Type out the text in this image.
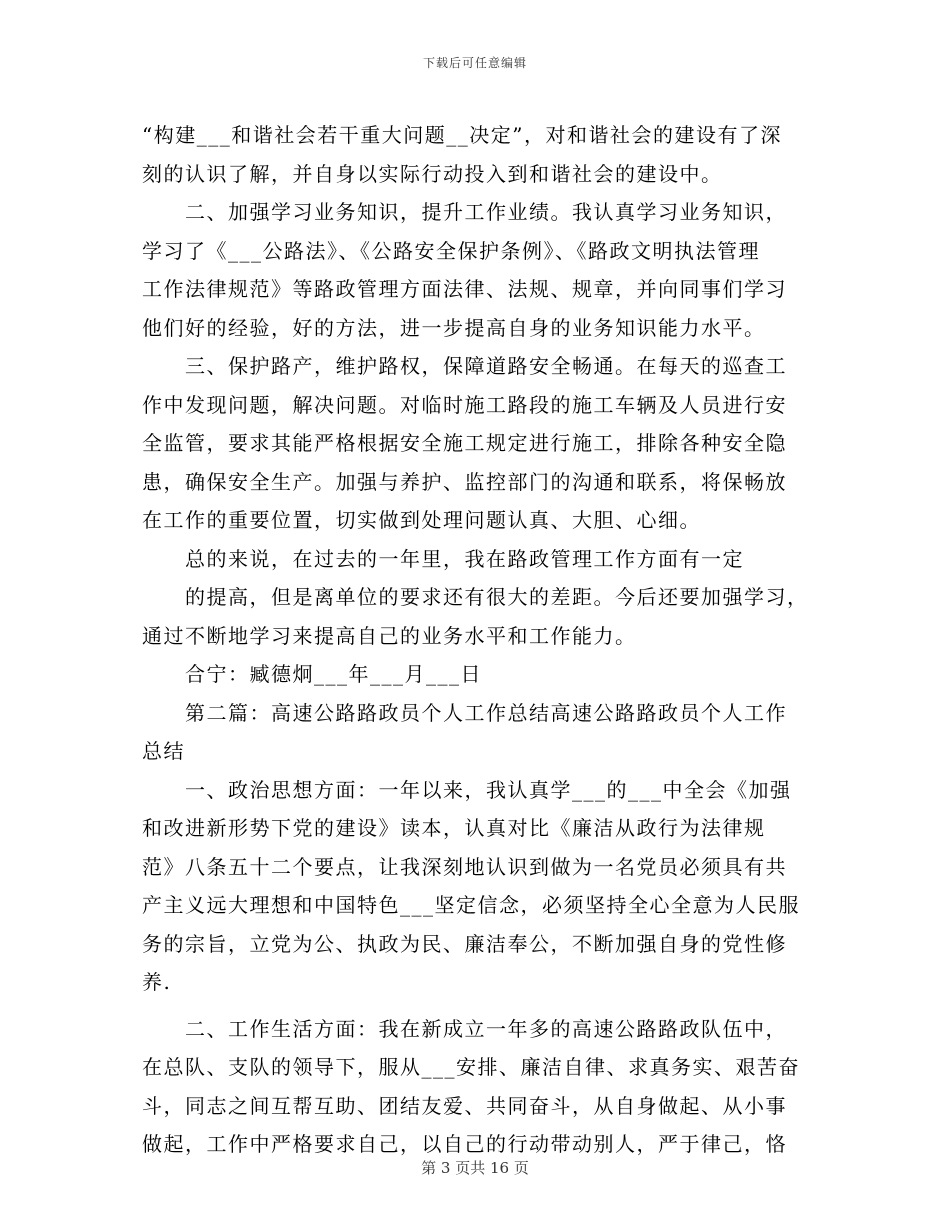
下载后可任意编辑
“构建___和谐社会若干重大问题__决定”，对和谐社会的建设有了深
刻的认识了解，并自身以实际行动投入到和谐社会的建设中。
二、加强学习业务知识，提升工作业绩。我认真学习业务知识，
学习了《___公路法》、《公路安全保护条例》、《路政文明执法管理
工作法律规范》等路政管理方面法律、法规、规章，并向同事们学习
他们好的经验，好的方法，进一步提高自身的业务知识能力水平。
三、保护路产，维护路权，保障道路安全畅通。在每天的巡查工
作中发现问题，解决问题。对临时施工路段的施工车辆及人员进行安
全监管，要求其能严格根据安全施工规定进行施工，排除各种安全隐
患，确保安全生产。加强与养护、监控部门的沟通和联系，将保畅放
在工作的重要位置，切实做到处理问题认真、大胆、心细。
总的来说，在过去的一年里，我在路政管理工作方面有一定
的提高，但是离单位的要求还有很大的差距。今后还要加强学习，
通过不断地学习来提高自己的业务水平和工作能力。
合宁：臧德炯___年___月___日
第二篇：高速公路路政员个人工作总结高速公路路政员个人工作
总结
一、政治思想方面：一年以来，我认真学___的___中全会《加强
和改进新形势下党的建设》读本，认真对比《廉洁从政行为法律规
范》八条五十二个要点，让我深刻地认识到做为一名党员必须具有共
产主义远大理想和中国特色___坚定信念，必须坚持全心全意为人民服
务的宗旨，立党为公、执政为民、廉洁奉公，不断加强自身的党性修
养.
二、工作生活方面：我在新成立一年多的高速公路路政队伍中，
在总队、支队的领导下，服从___安排、廉洁自律、求真务实、艰苦奋
斗，同志之间互帮互助、团结友爱、共同奋斗，从自身做起、从小事
做起，工作中严格要求自己，以自己的行动带动别人，严于律己，恪
第 3 页共 16 页
